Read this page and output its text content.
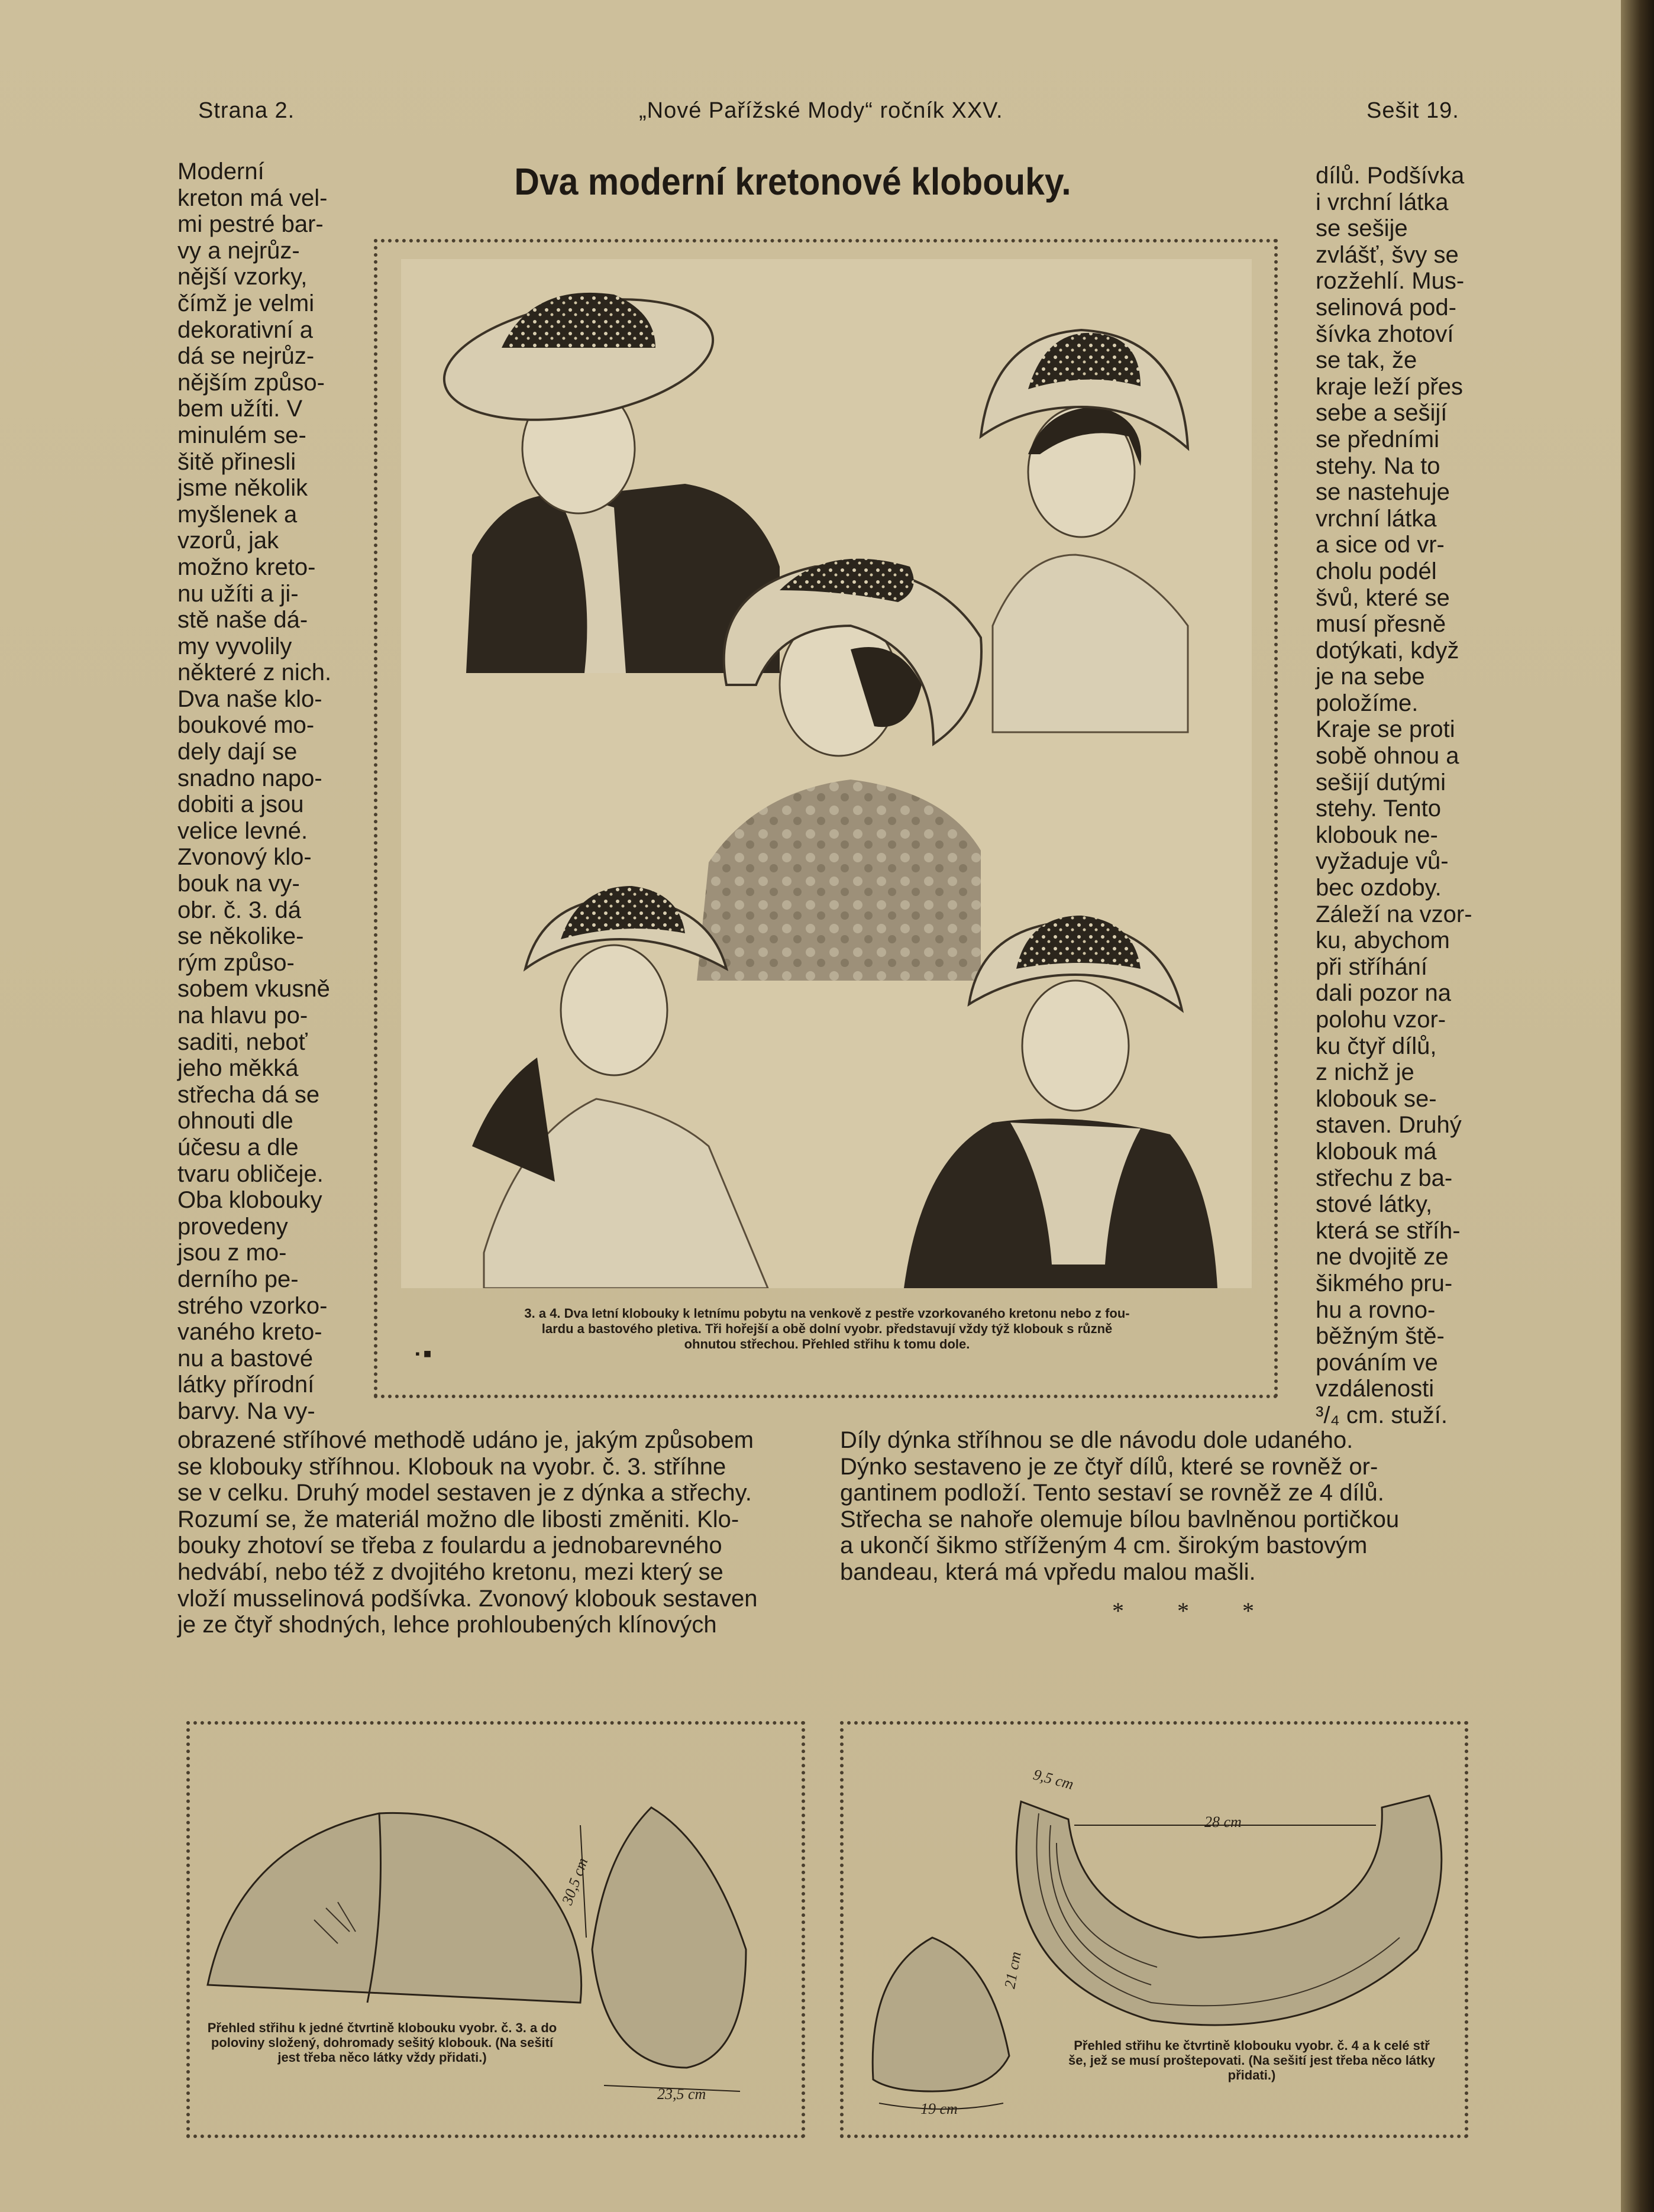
Strana 2.	„Nové Pařížské Mody“ ročník XXV.	Sešit 19.
Dva moderní kretonové klobouky.
Moderní
kreton má vel-
mi pestré bar-
vy a nejrůz-
nější vzorky,
čímž je velmi
dekorativní a
dá se nejrůz-
nějším způso-
bem užíti. V
minulém se-
šitě přinesli
jsme několik
myšlenek a
vzorů, jak
možno kreto-
nu užíti a ji-
stě naše dá-
my vyvolily
některé z nich.
Dva naše klo-
boukové mo-
dely dají se
snadno napo-
dobiti a jsou
velice levné.
Zvonový klo-
bouk na vy-
obr. č. 3. dá
se několike-
rým způso-
sobem vkusně
na hlavu po-
saditi, neboť
jeho měkká
střecha dá se
ohnouti dle
účesu a dle
tvaru obličeje.
Oba klobouky
provedeny
jsou z mo-
derního pe-
strého vzorko-
vaného kreto-
nu a bastové
látky přírodní
barvy. Na vy-
dílů. Podšívka
i vrchní látka
se sešije
zvlášť, švy se
rozžehlí. Mus-
selinová pod-
šívka zhotoví
se tak, že
kraje leží přes
sebe a sešijí
se předními
stehy. Na to
se nastehuje
vrchní látka
a sice od vr-
cholu podél
švů, které se
musí přesně
dotýkati, když
je na sebe
položíme.
Kraje se proti
sobě ohnou a
sešijí dutými
stehy. Tento
klobouk ne-
vyžaduje vů-
bec ozdoby.
Záleží na vzor-
ku, abychom
při stříhání
dali pozor na
polohu vzor-
ku čtyř dílů,
z nichž je
klobouk se-
staven. Druhý
klobouk má
střechu z ba-
stové látky,
která se stříh-
ne dvojitě ze
šikmého pru-
hu a rovno-
běžným ště-
pováním ve
vzdálenosti
³/₄ cm. stuží.
3. a 4. Dva letní klobouky k letnímu pobytu na venkově z pestře vzorkovaného kretonu nebo z fou-
lardu a bastového pletiva. Tři hořejší a obě dolní vyobr. představují vždy týž klobouk s různě
ohnutou střechou. Přehled střihu k tomu dole.
▪ ■
obrazené stříhové methodě udáno je, jakým způsobem
se klobouky stříhnou. Klobouk na vyobr. č. 3. stříhne
se v celku. Druhý model sestaven je z dýnka a střechy.
Rozumí se, že materiál možno dle libosti změniti. Klo-
bouky zhotoví se třeba z foulardu a jednobarevného
hedvábí, nebo též z dvojitého kretonu, mezi který se
vloží musselinová podšívka. Zvonový klobouk sestaven
je ze čtyř shodných, lehce prohloubených klínových
Díly dýnka stříhnou se dle návodu dole udaného.
Dýnko sestaveno je ze čtyř dílů, které se rovněž or-
gantinem podloží. Tento sestaví se rovněž ze 4 dílů.
Střecha se nahoře olemuje bílou bavlněnou portičkou
a ukončí šikmo stříženým 4 cm. širokým bastovým
bandeau, která má vpředu malou mašli.
* * *
30,5 cm
23,5 cm
Přehled střihu k jedné čtvrtině klobouku vyobr. č. 3. a do poloviny složený, dohromady sešitý klobouk. (Na sešití jest třeba něco látky vždy přidati.)
9,5 cm
28 cm
21 cm
19 cm
Přehled střihu ke čtvrtině klobouku vyobr. č. 4 a k celé stř še, jež se musí proštepovati. (Na sešití jest třeba něco látky přidati.)
